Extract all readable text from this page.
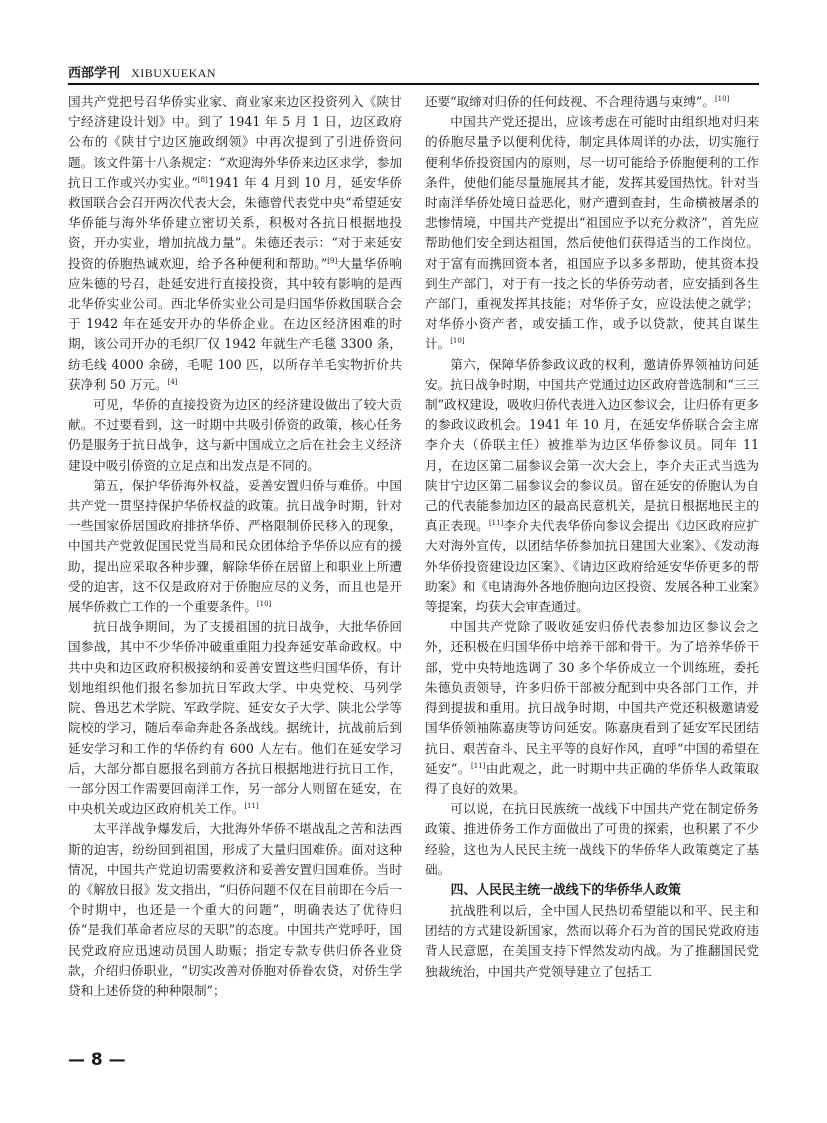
西部学刊 XIBUXUEKAN

国共产党把号召华侨实业家、商业家来边区投资列入《陕甘宁经济建设计划》中。到了 1941 年 5 月 1 日，边区政府公布的《陕甘宁边区施政纲领》中再次提到了引进侨资问题。该文件第十八条规定：“欢迎海外华侨来边区求学，参加抗日工作或兴办实业。”[8]1941 年 4 月到 10 月，延安华侨救国联合会召开两次代表大会，朱德曾代表党中央“希望延安华侨能与海外华侨建立密切关系，积极对各抗日根据地投资，开办实业，增加抗战力量”。朱德还表示：“对于来延安投资的侨胞热诚欢迎，给予各种便利和帮助。”[9]大量华侨响应朱德的号召，赴延安进行直接投资，其中较有影响的是西北华侨实业公司。西北华侨实业公司是归国华侨救国联合会于 1942 年在延安开办的华侨企业。在边区经济困难的时期，该公司开办的毛织厂仅 1942 年就生产毛毯 3300 条，纺毛线 4000 余磅，毛呢 100 匹，以所存羊毛实物折价共获净利 50 万元。[4]

可见，华侨的直接投资为边区的经济建设做出了较大贡献。不过要看到，这一时期中共吸引侨资的政策，核心任务仍是服务于抗日战争，这与新中国成立之后在社会主义经济建设中吸引侨资的立足点和出发点是不同的。

第五，保护华侨海外权益，妥善安置归侨与难侨。中国共产党一贯坚持保护华侨权益的政策。抗日战争时期，针对一些国家侨居国政府排挤华侨、严格限制侨民移入的现象，中国共产党敦促国民党当局和民众团体给予华侨以应有的援助，提出应采取各种步骤，解除华侨在居留上和职业上所遭受的迫害，这不仅是政府对于侨胞应尽的义务，而且也是开展华侨救亡工作的一个重要条件。[10]

抗日战争期间，为了支援祖国的抗日战争，大批华侨回国参战，其中不少华侨冲破重重阻力投奔延安革命政权。中共中央和边区政府积极接纳和妥善安置这些归国华侨，有计划地组织他们报名参加抗日军政大学、中央党校、马列学院、鲁迅艺术学院、军政学院、延安女子大学、陕北公学等院校的学习，随后奉命奔赴各条战线。据统计，抗战前后到延安学习和工作的华侨约有 600 人左右。他们在延安学习后，大部分都自愿报名到前方各抗日根据地进行抗日工作，一部分因工作需要回南洋工作，另一部分人则留在延安，在中央机关或边区政府机关工作。[11]

太平洋战争爆发后，大批海外华侨不堪战乱之苦和法西斯的迫害，纷纷回到祖国，形成了大量归国难侨。面对这种情况，中国共产党迫切需要救济和妥善安置归国难侨。当时的《解放日报》发文指出，“归侨问题不仅在目前即在今后一个时期中，也还是一个重大的问题”，明确表达了优待归侨“是我们革命者应尽的天职”的态度。中国共产党呼吁，国民党政府应迅速动员国人助赈；指定专款专供归侨各业贷款，介绍归侨职业，“切实改善对侨胞对侨眷农贷，对侨生学贷和上述侨贷的种种限制”；

还要“取缔对归侨的任何歧视、不合理待遇与束缚”。[10]

中国共产党还提出，应该考虑在可能时由组织地对归来的侨胞尽量予以便利优待，制定具体周详的办法，切实施行便利华侨投资国内的原则，尽一切可能给予侨胞便利的工作条件，使他们能尽量施展其才能，发挥其爱国热忱。针对当时南洋华侨处境日益恶化，财产遭到查封，生命横被屠杀的悲惨情境，中国共产党提出“祖国应予以充分救济”，首先应帮助他们安全到达祖国，然后使他们获得适当的工作岗位。对于富有而携回资本者，祖国应予以多多帮助，使其资本投到生产部门，对于有一技之长的华侨劳动者，应安插到各生产部门，重视发挥其技能；对华侨子女，应设法使之就学；对华侨小资产者，或安插工作，或予以贷款，使其自谋生计。[10]

第六，保障华侨参政议政的权利，邀请侨界领袖访问延安。抗日战争时期，中国共产党通过边区政府普选制和“三三制”政权建设，吸收归侨代表进入边区参议会，让归侨有更多的参政议政机会。1941 年 10 月，在延安华侨联合会主席李介夫（侨联主任）被推举为边区华侨参议员。同年 11 月，在边区第二届参议会第一次大会上，李介夫正式当选为陕甘宁边区第二届参议会的参议员。留在延安的侨胞认为自己的代表能参加边区的最高民意机关，是抗日根据地民主的真正表现。[11]李介夫代表华侨向参议会提出《边区政府应扩大对海外宣传，以团结华侨参加抗日建国大业案》、《发动海外华侨投资建设边区案》、《请边区政府给延安华侨更多的帮助案》和《电请海外各地侨胞向边区投资、发展各种工业案》等提案，均获大会审查通过。

中国共产党除了吸收延安归侨代表参加边区参议会之外，还积极在归国华侨中培养干部和骨干。为了培养华侨干部，党中央特地选调了 30 多个华侨成立一个训练班，委托朱德负责领导，许多归侨干部被分配到中央各部门工作，并得到提拔和重用。抗日战争时期，中国共产党还积极邀请爱国华侨领袖陈嘉庚等访问延安。陈嘉庚看到了延安军民团结抗日、艰苦奋斗、民主平等的良好作风，直呼“中国的希望在延安”。[11]由此观之，此一时期中共正确的华侨华人政策取得了良好的效果。

可以说，在抗日民族统一战线下中国共产党在制定侨务政策、推进侨务工作方面做出了可贵的探索，也积累了不少经验，这也为人民民主统一战线下的华侨华人政策奠定了基础。

四、人民民主统一战线下的华侨华人政策

抗战胜利以后，全中国人民热切希望能以和平、民主和团结的方式建设新国家，然而以蒋介石为首的国民党政府违背人民意愿，在美国支持下悍然发动内战。为了推翻国民党独裁统治，中国共产党领导建立了包括工

— 8 —
